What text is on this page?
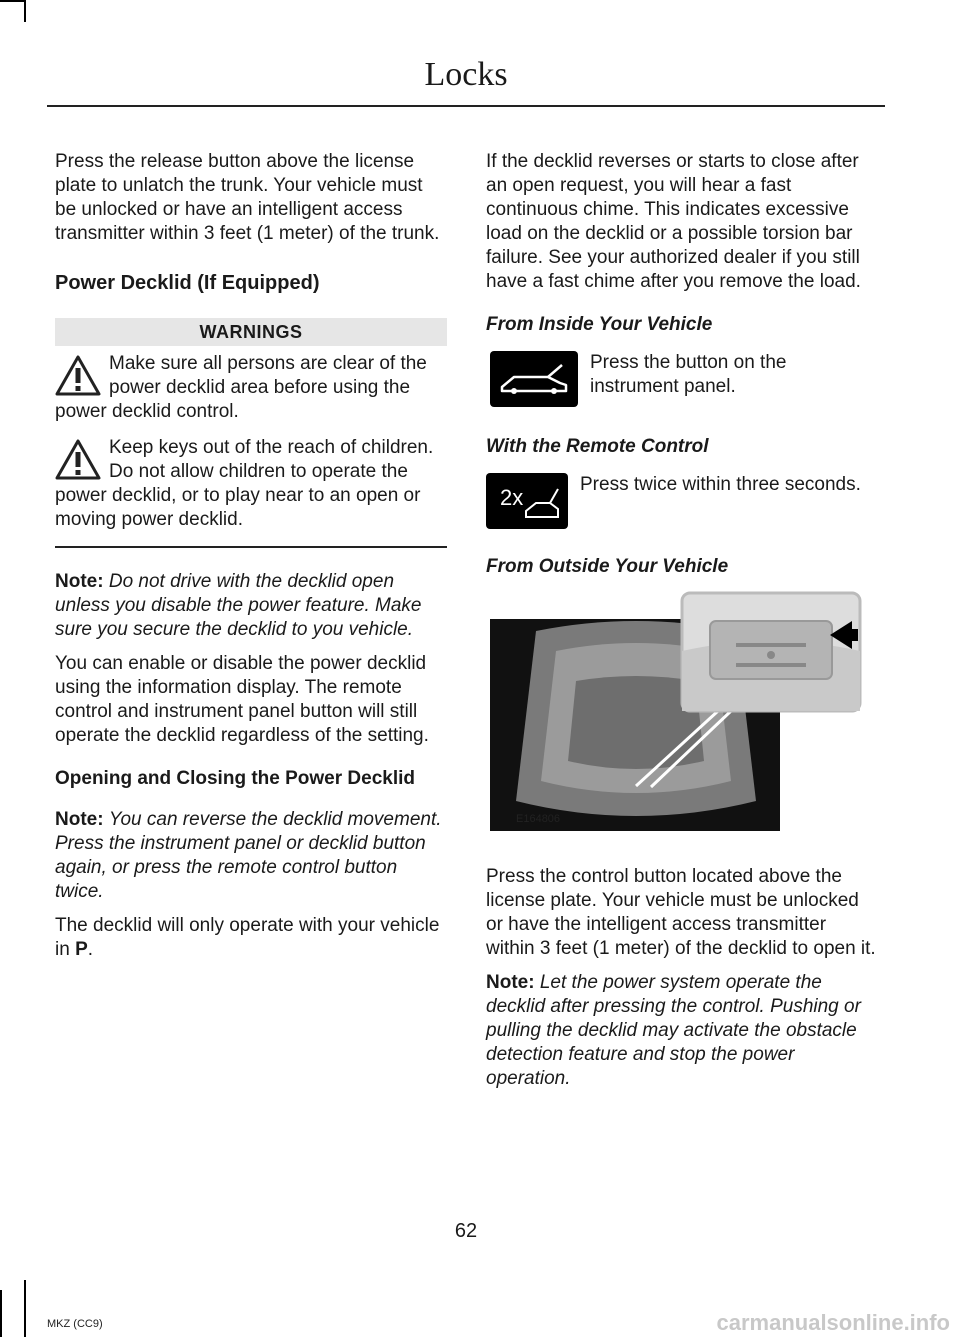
Locks

Press the release button above the license plate to unlatch the trunk. Your vehicle must be unlocked or have an intelligent access transmitter within 3 feet (1 meter) of the trunk.

Power Decklid (If Equipped)
WARNINGS

Make sure all persons are clear of the power decklid area before using the power decklid control.

Keep keys out of the reach of children. Do not allow children to operate the power decklid, or to play near to an open or moving power decklid.

Note: Do not drive with the decklid open unless you disable the power feature. Make sure you secure the decklid to you vehicle.

You can enable or disable the power decklid using the information display. The remote control and instrument panel button will still operate the decklid regardless of the setting.

Opening and Closing the Power Decklid

Note: You can reverse the decklid movement. Press the instrument panel or decklid button again, or press the remote control button twice.

The decklid will only operate with your vehicle in P.

If the decklid reverses or starts to close after an open request, you will hear a fast continuous chime. This indicates excessive load on the decklid or a possible torsion bar failure. See your authorized dealer if you still have a fast chime after you remove the load.

From Inside Your Vehicle

Press the button on the instrument panel.

With the Remote Control
2x

Press twice within three seconds.

From Outside Your Vehicle
E164806

Press the control button located above the license plate. Your vehicle must be unlocked or have the intelligent access transmitter within 3 feet (1 meter) of the decklid to open it.

Note: Let the power system operate the decklid after pressing the control. Pushing or pulling the decklid may activate the obstacle detection feature and stop the power operation.

62
MKZ (CC9)	carmanualsonline.info
